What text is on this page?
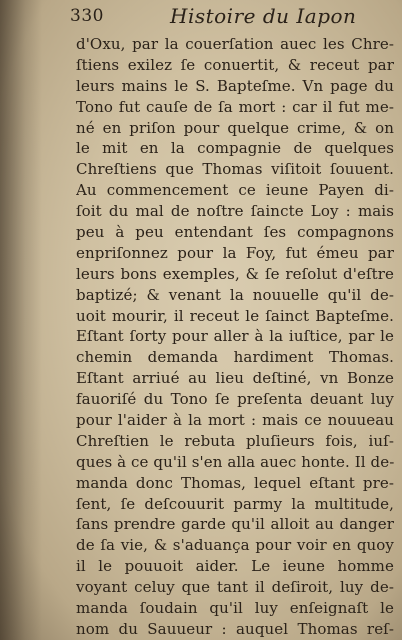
330	Histoire du Iapon
d'Oxu, par la couerſation auec les Chre-
ſtiens exilez ſe conuertit, & receut par
leurs mains le S. Bapteſme. Vn page du
Tono fut cauſe de ſa mort : car il fut me-
né en priſon pour quelque crime, & on
le mit en la compagnie de quelques
Chreſtiens que Thomas viſitoit ſouuent.
Au commencement ce ieune Payen di-
ſoit du mal de noſtre ſaincte Loy : mais
peu à peu entendant ſes compagnons
enpriſonnez pour la Foy, fut émeu par
leurs bons exemples, & ſe reſolut d'eſtre
baptizé; & venant la nouuelle qu'il de-
uoit mourir, il receut le ſainct Bapteſme.
Eſtant ſorty pour aller à la iuſtice, par le
chemin demanda hardiment Thomas.
Eſtant arriué au lieu deſtiné, vn Bonze
fauoriſé du Tono ſe preſenta deuant luy
pour l'aider à la mort : mais ce nouueau
Chreſtien le rebuta pluſieurs fois, iuſ-
ques à ce qu'il s'en alla auec honte. Il de-
manda donc Thomas, lequel eſtant pre-
ſent, ſe deſcouurit parmy la multitude,
ſans prendre garde qu'il alloit au danger
de ſa vie, & s'aduança pour voir en quoy
il le pouuoit aider. Le ieune homme
voyant celuy que tant il deſiroit, luy de-
manda ſoudain qu'il luy enſeignaſt le
nom du Sauueur : auquel Thomas reſ-
